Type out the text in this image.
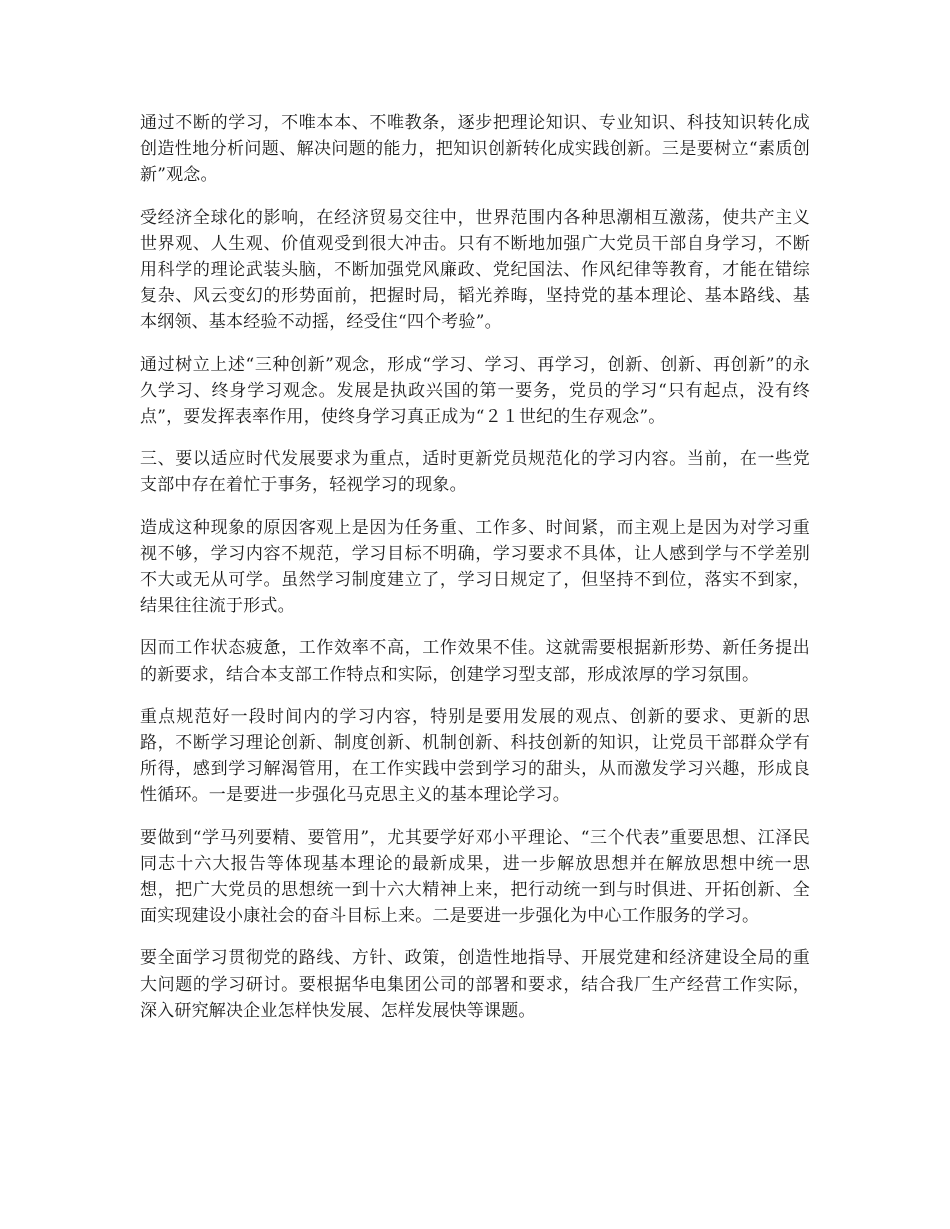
通过不断的学习，不唯本本、不唯教条，逐步把理论知识、专业知识、科技知识转化成创造性地分析问题、解决问题的能力，把知识创新转化成实践创新。三是要树立“素质创新”观念。

受经济全球化的影响，在经济贸易交往中，世界范围内各种思潮相互激荡，使共产主义世界观、人生观、价值观受到很大冲击。只有不断地加强广大党员干部自身学习，不断用科学的理论武装头脑，不断加强党风廉政、党纪国法、作风纪律等教育，才能在错综复杂、风云变幻的形势面前，把握时局，韬光养晦，坚持党的基本理论、基本路线、基本纲领、基本经验不动摇，经受住“四个考验”。

通过树立上述“三种创新”观念，形成“学习、学习、再学习，创新、创新、再创新”的永久学习、终身学习观念。发展是执政兴国的第一要务，党员的学习“只有起点，没有终点”，要发挥表率作用，使终身学习真正成为“２１世纪的生存观念”。

三、要以适应时代发展要求为重点，适时更新党员规范化的学习内容。当前，在一些党支部中存在着忙于事务，轻视学习的现象。

造成这种现象的原因客观上是因为任务重、工作多、时间紧，而主观上是因为对学习重视不够，学习内容不规范，学习目标不明确，学习要求不具体，让人感到学与不学差别不大或无从可学。虽然学习制度建立了，学习日规定了，但坚持不到位，落实不到家，结果往往流于形式。

因而工作状态疲惫，工作效率不高，工作效果不佳。这就需要根据新形势、新任务提出的新要求，结合本支部工作特点和实际，创建学习型支部，形成浓厚的学习氛围。

重点规范好一段时间内的学习内容，特别是要用发展的观点、创新的要求、更新的思路，不断学习理论创新、制度创新、机制创新、科技创新的知识，让党员干部群众学有所得，感到学习解渴管用，在工作实践中尝到学习的甜头，从而激发学习兴趣，形成良性循环。一是要进一步强化马克思主义的基本理论学习。

要做到“学马列要精、要管用”，尤其要学好邓小平理论、“三个代表”重要思想、江泽民同志十六大报告等体现基本理论的最新成果，进一步解放思想并在解放思想中统一思想，把广大党员的思想统一到十六大精神上来，把行动统一到与时俱进、开拓创新、全面实现建设小康社会的奋斗目标上来。二是要进一步强化为中心工作服务的学习。

要全面学习贯彻党的路线、方针、政策，创造性地指导、开展党建和经济建设全局的重大问题的学习研讨。要根据华电集团公司的部署和要求，结合我厂生产经营工作实际，深入研究解决企业怎样快发展、怎样发展快等课题。
